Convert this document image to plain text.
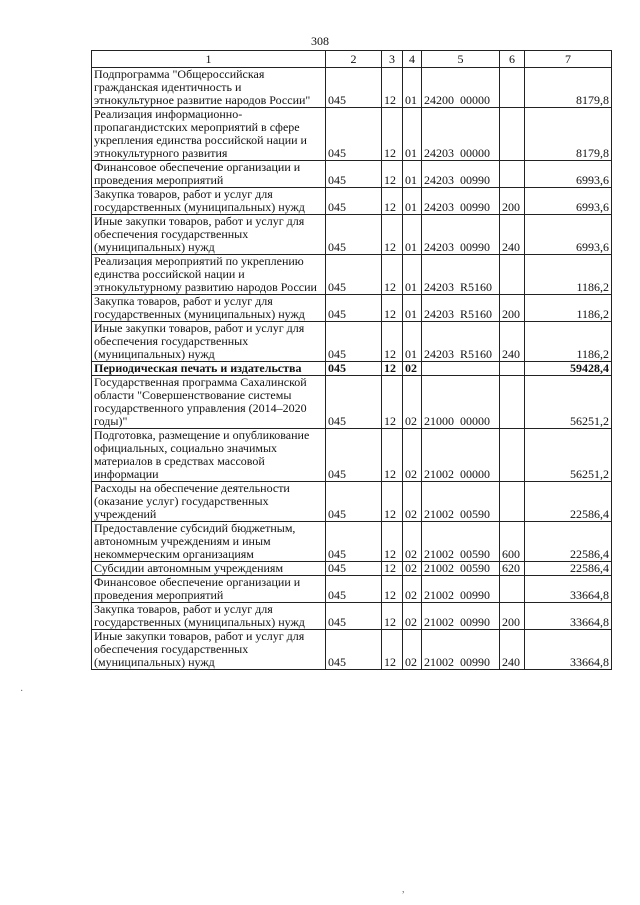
308
1	2	3	4	5	6	7
Подпрограмма "Общероссийская гражданская идентичность и этнокультурное развитие народов России"	045	12	01	24200  00000		8179,8
Реализация информационно-пропагандистских мероприятий в сфере укрепления единства российской нации и этнокультурного развития	045	12	01	24203  00000		8179,8
Финансовое обеспечение организации и проведения мероприятий	045	12	01	24203  00990		6993,6
Закупка товаров, работ и услуг для государственных (муниципальных) нужд	045	12	01	24203  00990	200	6993,6
Иные закупки товаров, работ и услуг для обеспечения государственных (муниципальных) нужд	045	12	01	24203  00990	240	6993,6
Реализация мероприятий по укреплению единства российской нации и этнокультурному развитию народов России	045	12	01	24203  R5160		1186,2
Закупка товаров, работ и услуг для государственных (муниципальных) нужд	045	12	01	24203  R5160	200	1186,2
Иные закупки товаров, работ и услуг для обеспечения государственных (муниципальных) нужд	045	12	01	24203  R5160	240	1186,2
Периодическая печать и издательства	045	12	02			59428,4
Государственная программа Сахалинской области "Совершенствование системы государственного управления (2014–2020 годы)"	045	12	02	21000  00000		56251,2
Подготовка, размещение и опубликование официальных, социально значимых материалов в средствах массовой информации	045	12	02	21002  00000		56251,2
Расходы на обеспечение деятельности (оказание услуг) государственных учреждений	045	12	02	21002  00590		22586,4
Предоставление субсидий бюджетным, автономным учреждениям и иным некоммерческим организациям	045	12	02	21002  00590	600	22586,4
Субсидии автономным учреждениям	045	12	02	21002  00590	620	22586,4
Финансовое обеспечение организации и проведения мероприятий	045	12	02	21002  00990		33664,8
Закупка товаров, работ и услуг для государственных (муниципальных) нужд	045	12	02	21002  00990	200	33664,8
Иные закупки товаров, работ и услуг для обеспечения государственных (муниципальных) нужд	045	12	02	21002  00990	240	33664,8
·
,
